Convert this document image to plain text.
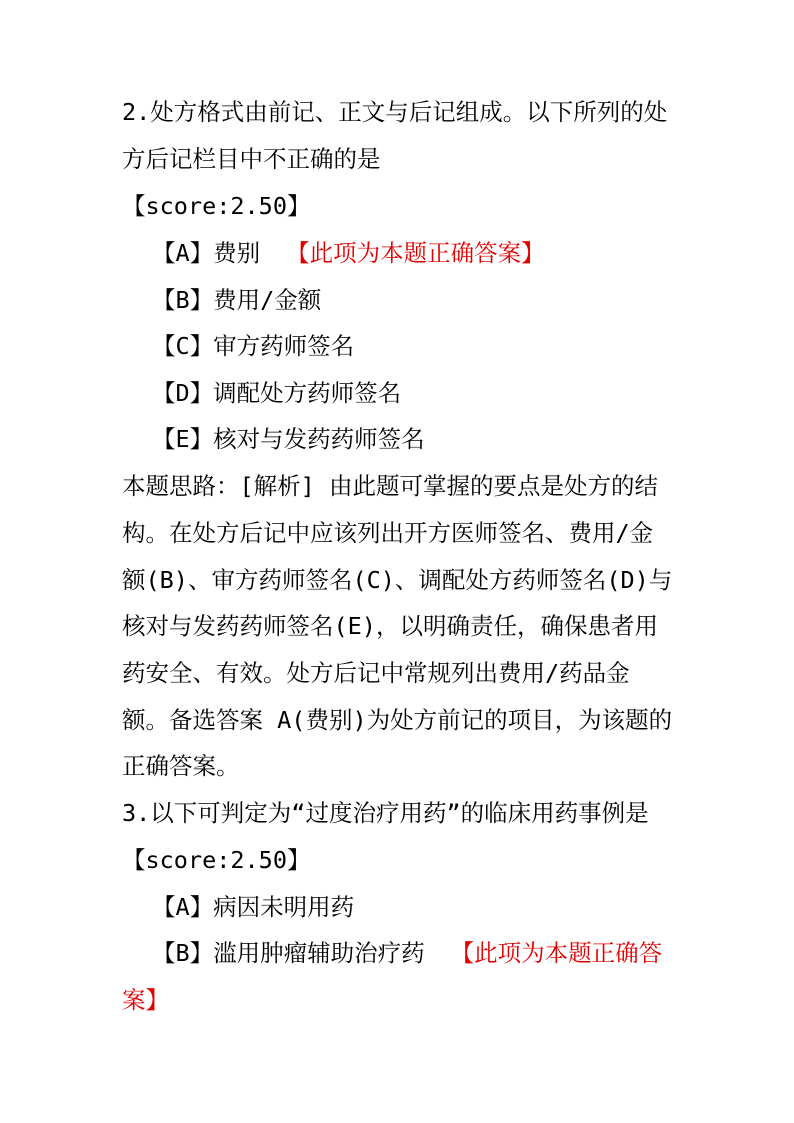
2.处方格式由前记、正文与后记组成。以下所列的处
方后记栏目中不正确的是
【score:2.50】
【A】费别 【此项为本题正确答案】
【B】费用/金额
【C】审方药师签名
【D】调配处方药师签名
【E】核对与发药药师签名
本题思路：[解析] 由此题可掌握的要点是处方的结
构。在处方后记中应该列出开方医师签名、费用/金
额(B)、审方药师签名(C)、调配处方药师签名(D)与
核对与发药药师签名(E)，以明确责任，确保患者用
药安全、有效。处方后记中常规列出费用/药品金
额。备选答案 A(费别)为处方前记的项目，为该题的
正确答案。
3.以下可判定为“过度治疗用药”的临床用药事例是
【score:2.50】
【A】病因未明用药
【B】滥用肿瘤辅助治疗药 【此项为本题正确答
案】
